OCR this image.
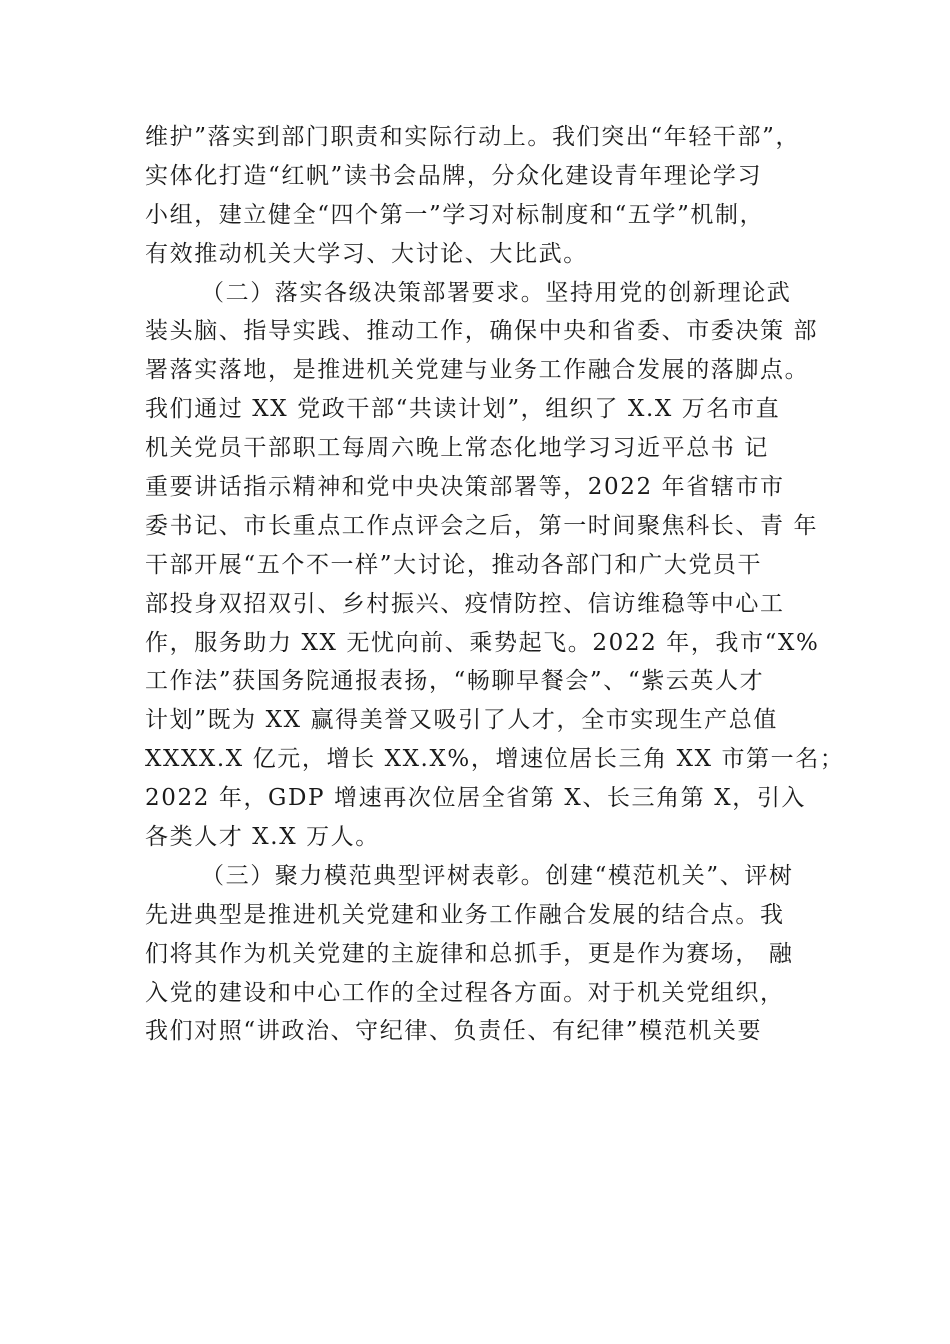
维护”落实到部门职责和实际行动上。我们突出“年轻干部”，
实体化打造“红帆”读书会品牌，分众化建设青年理论学习
小组，建立健全“四个第一”学习对标制度和“五学”机制，
有效推动机关大学习、大讨论、大比武。
（二）落实各级决策部署要求。坚持用党的创新理论武
装头脑、指导实践、推动工作，确保中央和省委、市委决策 部
署落实落地，是推进机关党建与业务工作融合发展的落脚点。
我们通过 XX 党政干部“共读计划”，组织了 X.X 万名市直
机关党员干部职工每周六晚上常态化地学习习近平总书 记
重要讲话指示精神和党中央决策部署等，2022 年省辖市市
委书记、市长重点工作点评会之后，第一时间聚焦科长、青 年
干部开展“五个不一样”大讨论，推动各部门和广大党员干
部投身双招双引、乡村振兴、疫情防控、信访维稳等中心工
作，服务助力 XX 无忧向前、乘势起飞。2022 年，我市“X%
工作法”获国务院通报表扬，“畅聊早餐会”、“紫云英人才
计划”既为 XX 赢得美誉又吸引了人才，全市实现生产总值
XXXX.X 亿元，增长 XX.X%，增速位居长三角 XX 市第一名；
2022 年，GDP 增速再次位居全省第 X、长三角第 X，引入
各类人才 X.X 万人。
（三）聚力模范典型评树表彰。创建“模范机关”、评树
先进典型是推进机关党建和业务工作融合发展的结合点。我
们将其作为机关党建的主旋律和总抓手，更是作为赛场， 融
入党的建设和中心工作的全过程各方面。对于机关党组织，
我们对照“讲政治、守纪律、负责任、有纪律”模范机关要
